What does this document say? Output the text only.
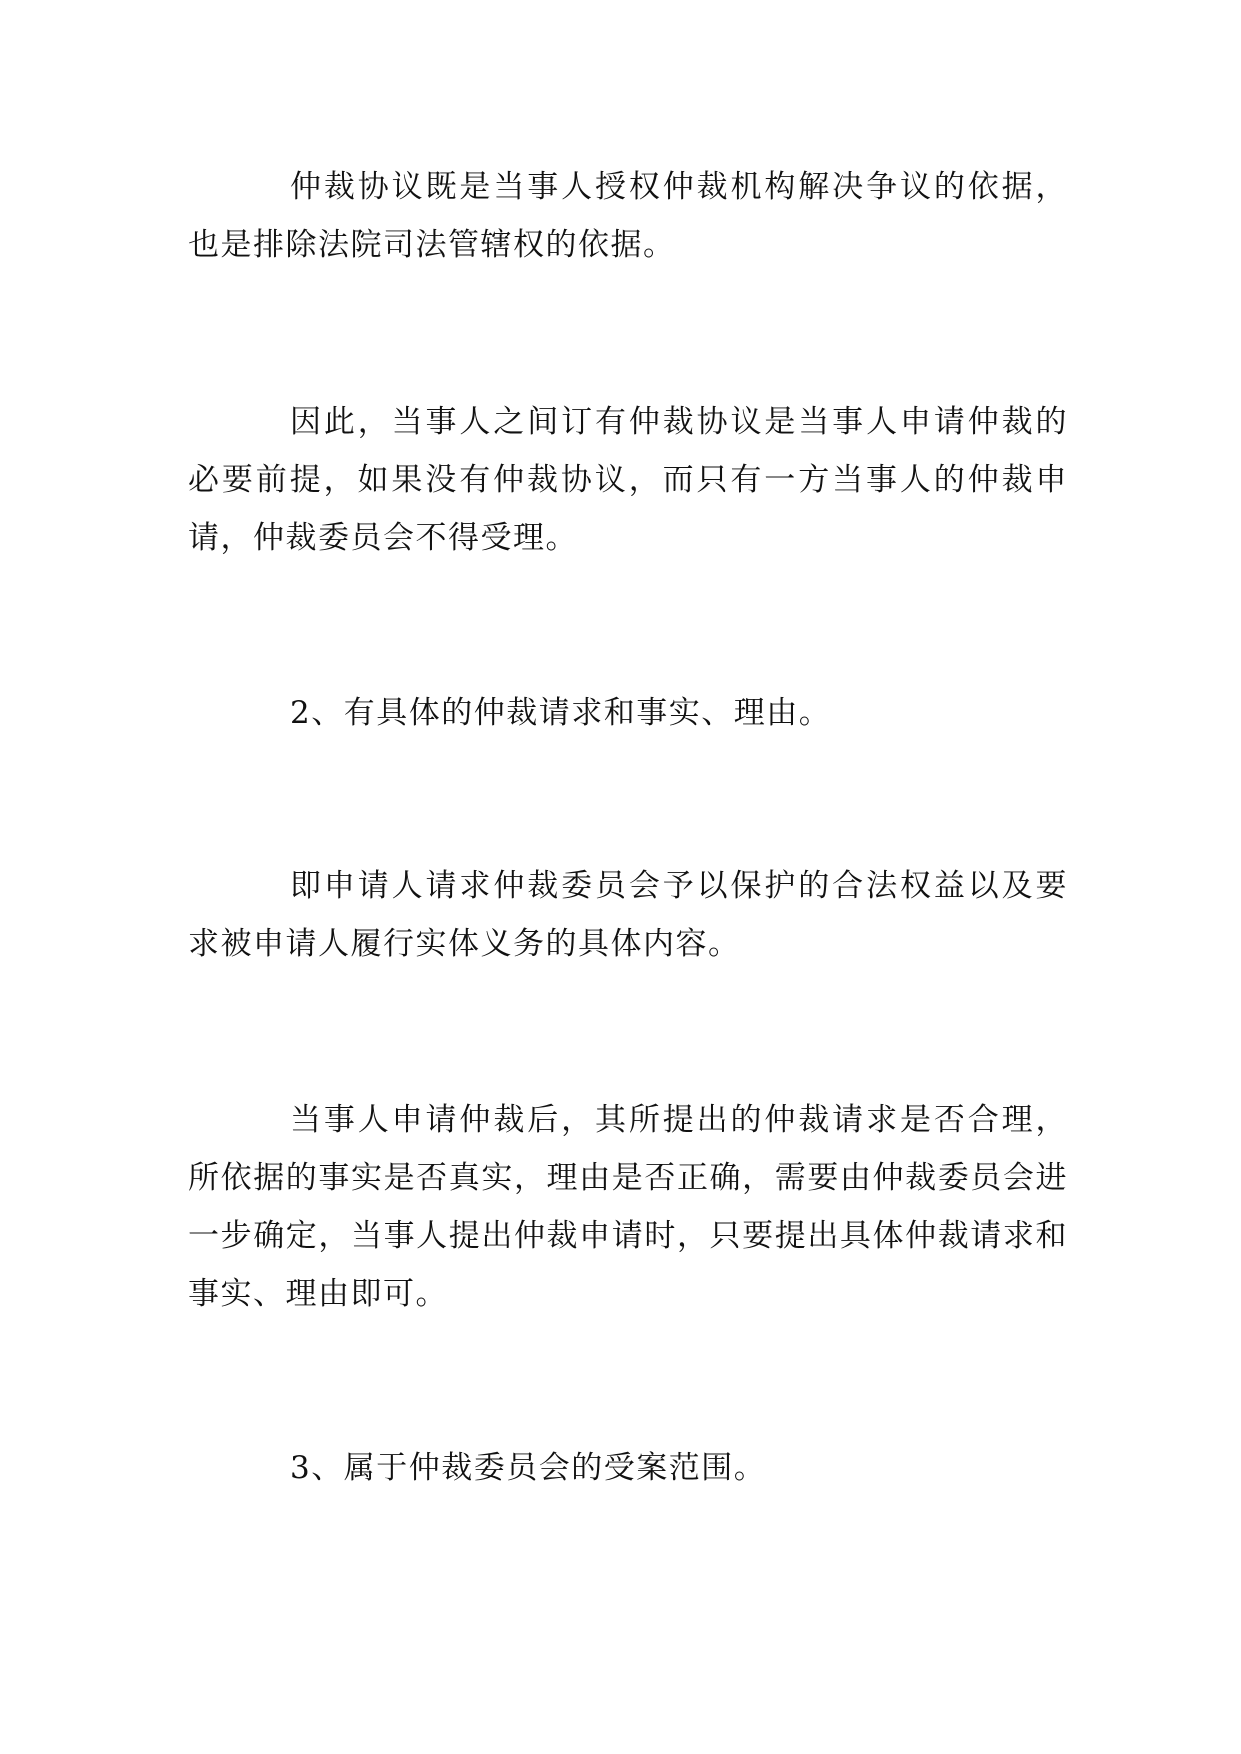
仲裁协议既是当事人授权仲裁机构解决争议的依据，也是排除法院司法管辖权的依据。

因此，当事人之间订有仲裁协议是当事人申请仲裁的必要前提，如果没有仲裁协议，而只有一方当事人的仲裁申请，仲裁委员会不得受理。

2、有具体的仲裁请求和事实、理由。

即申请人请求仲裁委员会予以保护的合法权益以及要求被申请人履行实体义务的具体内容。

当事人申请仲裁后，其所提出的仲裁请求是否合理，所依据的事实是否真实，理由是否正确，需要由仲裁委员会进一步确定，当事人提出仲裁申请时，只要提出具体仲裁请求和事实、理由即可。

3、属于仲裁委员会的受案范围。
